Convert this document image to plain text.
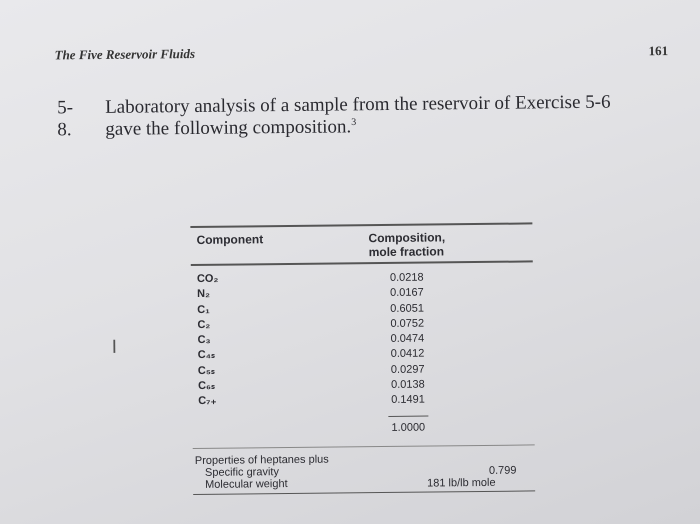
The Five Reservoir Fluids	161
5-8.
Laboratory analysis of a sample from the reservoir of Exercise 5-6
gave the following composition.$^3$
Component	Composition,
mole fraction
CO₂
N₂
C₁
C₂
C₃
C₄ₛ
C₅ₛ
C₆ₛ
C₇₊
0.0218
0.0167
0.6051
0.0752
0.0474
0.0412
0.0297
0.0138
0.1491
1.0000
Properties of heptanes plus
Specific gravity
Molecular weight
0.799
181 lb/lb mole
I
